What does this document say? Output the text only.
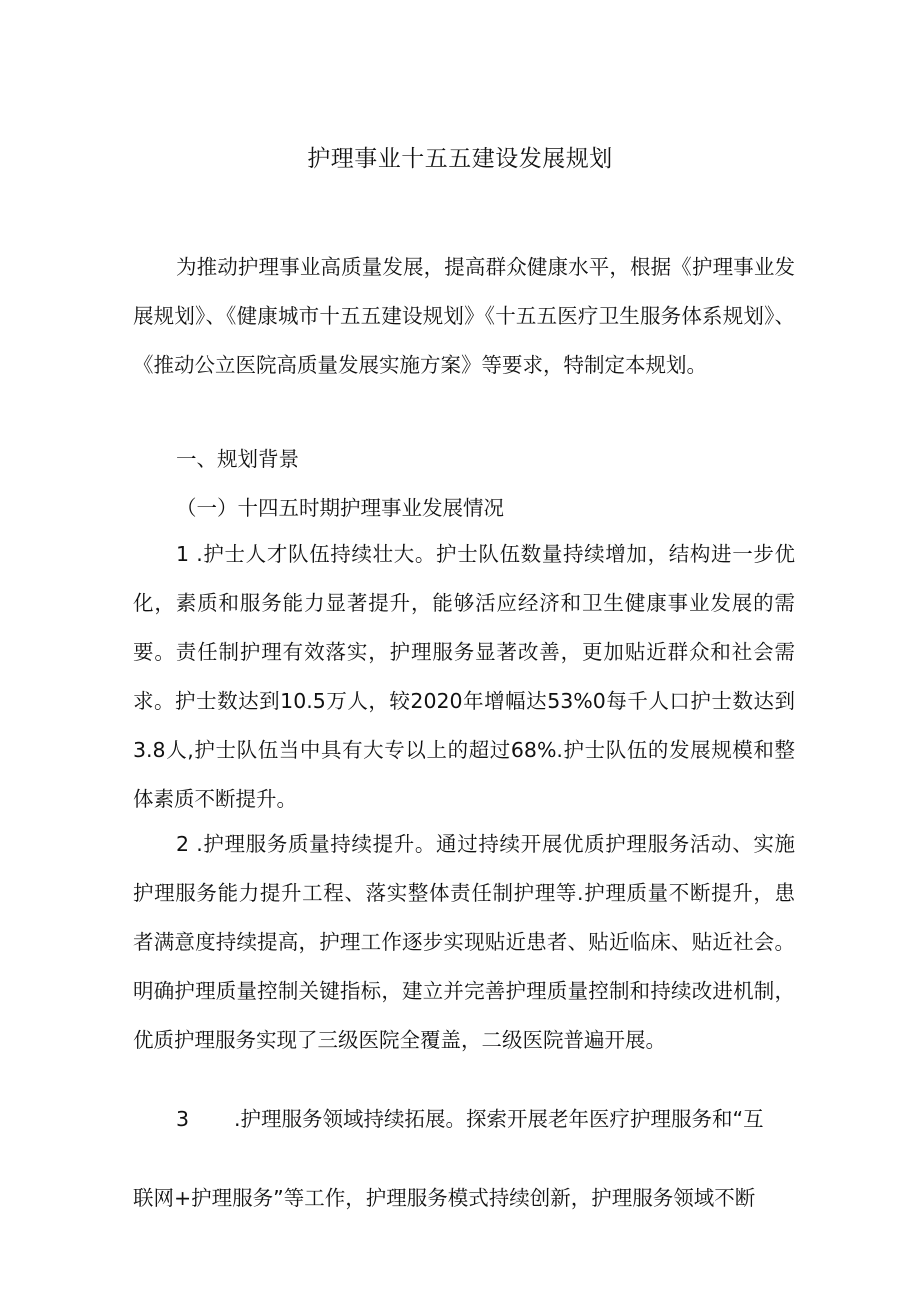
护理事业十五五建设发展规划

为推动护理事业高质量发展，提高群众健康水平，根据《护理事业发展规划》、《健康城市十五五建设规划》《十五五医疗卫生服务体系规划》、《推动公立医院高质量发展实施方案》等要求，特制定本规划。

一、规划背景

（一）十四五时期护理事业发展情况

1 .护士人才队伍持续壮大。护士队伍数量持续增加，结构进一步优化，素质和服务能力显著提升，能够活应经济和卫生健康事业发展的需要。责任制护理有效落实，护理服务显著改善，更加贴近群众和社会需求。护士数达到10.5万人，较2020年增幅达53%0每千人口护士数达到3.8人,护士队伍当中具有大专以上的超过68%.护士队伍的发展规模和整体素质不断提升。

2 .护理服务质量持续提升。通过持续开展优质护理服务活动、实施护理服务能力提升工程、落实整体责任制护理等.护理质量不断提升，患者满意度持续提高，护理工作逐步实现贴近患者、贴近临床、贴近社会。明确护理质量控制关键指标，建立并完善护理质量控制和持续改进机制，优质护理服务实现了三级医院全覆盖，二级医院普遍开展。

3 .护理服务领域持续拓展。探索开展老年医疗护理服务和“互

联网+护理服务”等工作，护理服务模式持续创新，护理服务领域不断
